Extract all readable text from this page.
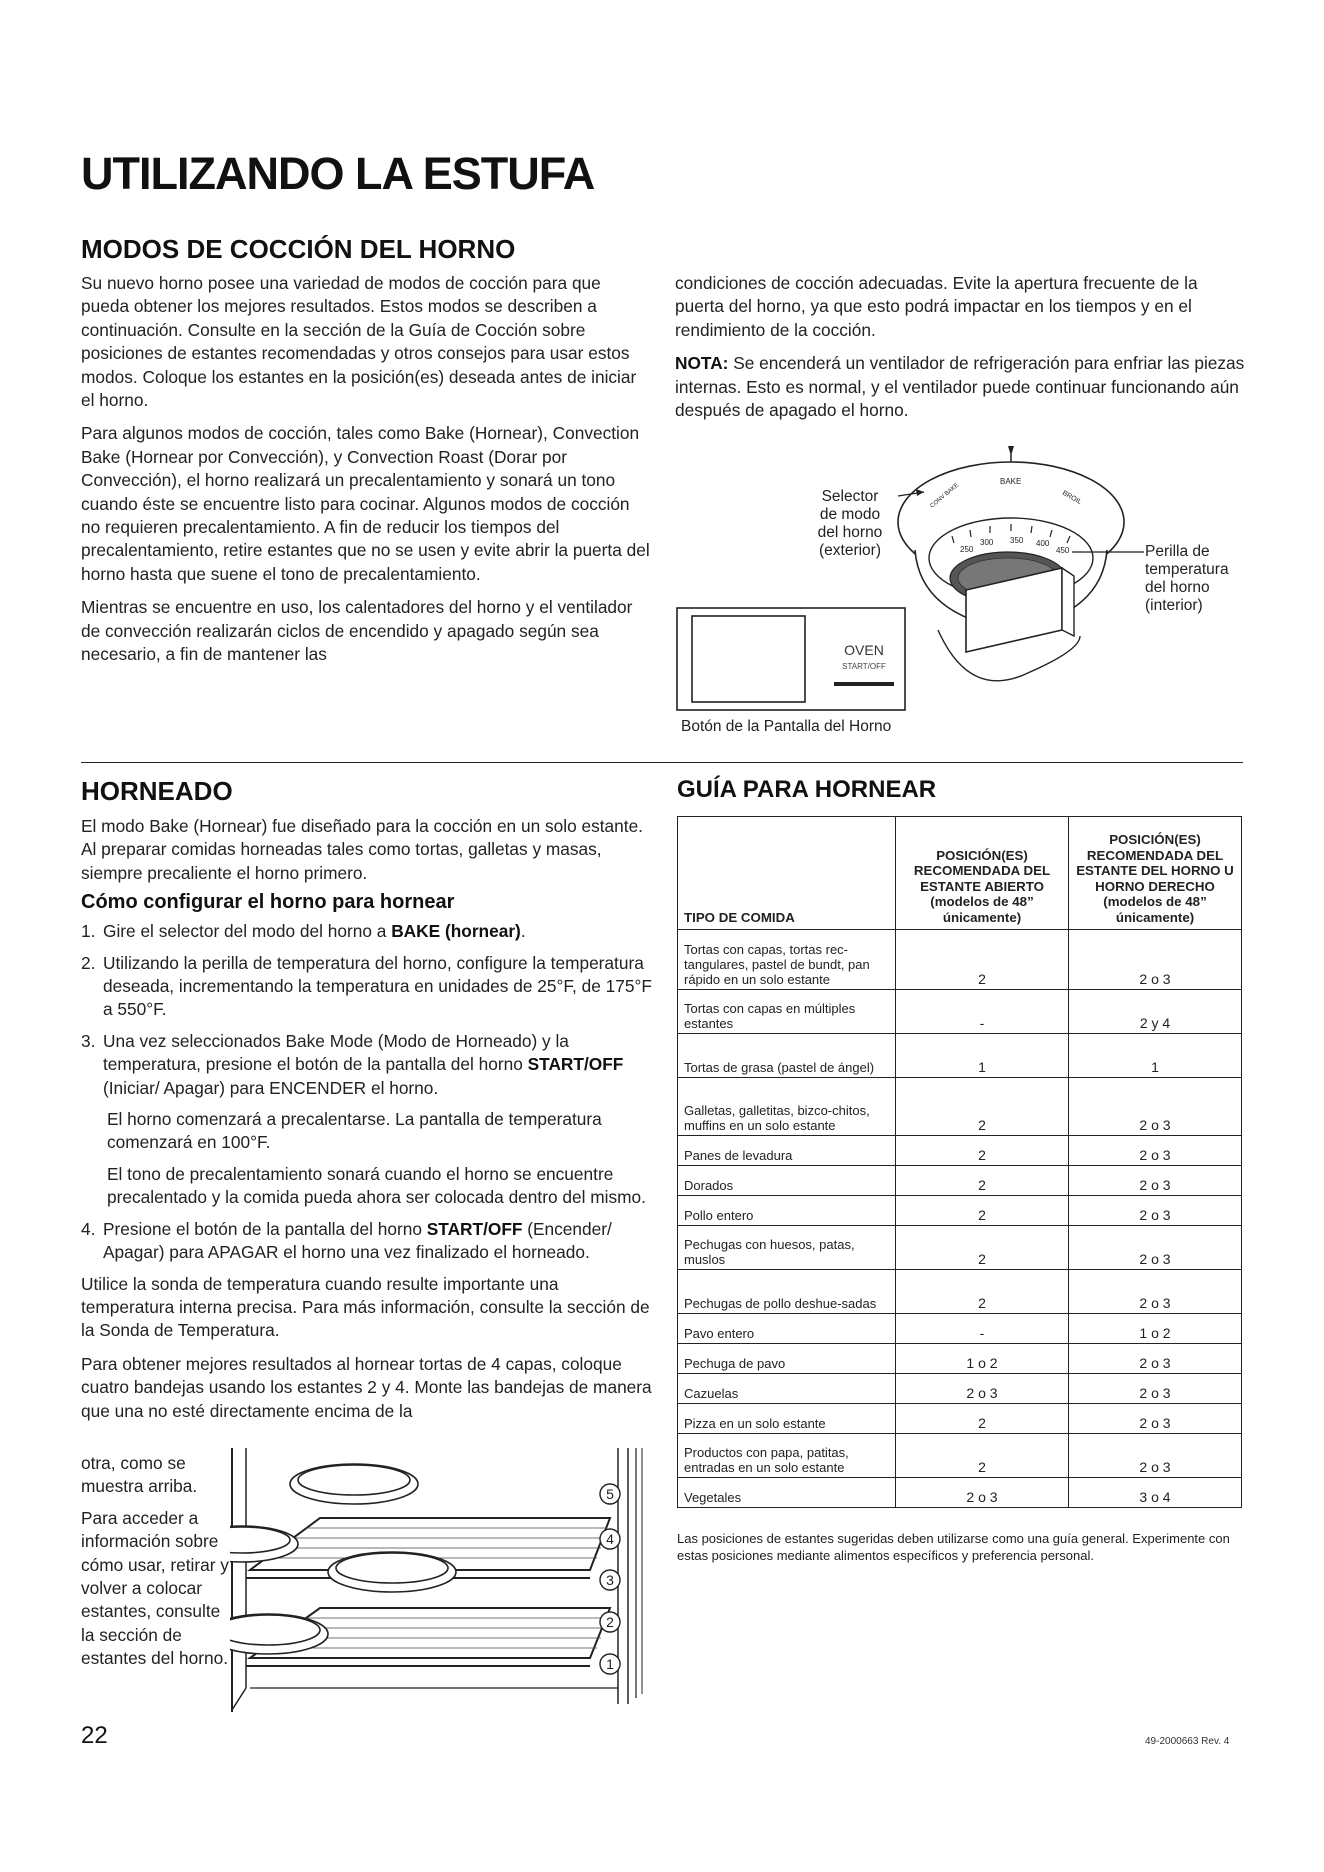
UTILIZANDO LA ESTUFA
MODOS DE COCCIÓN DEL HORNO

Su nuevo horno posee una variedad de modos de cocción para que pueda obtener los mejores resultados. Estos modos se describen a continuación. Consulte en la sección de la Guía de Cocción sobre posiciones de estantes recomendadas y otros consejos para usar estos modos. Coloque los estantes en la posición(es) deseada antes de iniciar el horno.

Para algunos modos de cocción, tales como Bake (Hornear), Convection Bake (Hornear por Convección), y Convection Roast (Dorar por Convección), el horno realizará un precalentamiento y sonará un tono cuando éste se encuentre listo para cocinar. Algunos modos de cocción no requieren precalentamiento. A fin de reducir los tiempos del precalentamiento, retire estantes que no se usen y evite abrir la puerta del horno hasta que suene el tono de precalentamiento.

Mientras se encuentre en uso, los calentadores del horno y el ventilador de convección realizarán ciclos de encendido y apagado según sea necesario, a fin de mantener las

condiciones de cocción adecuadas. Evite la apertura frecuente de la puerta del horno, ya que esto podrá impactar en los tiempos y en el rendimiento de la cocción.

NOTA: Se encenderá un ventilador de refrigeración para enfriar las piezas internas. Esto es normal, y el ventilador puede continuar funcionando aún después de apagado el horno.

Selector
de modo
del horno
(exterior)	Perilla de
temperatura
del horno
(interior)
250
300 350 400
450
BAKE
BROIL
CONV BAKE
OVEN
START/OFF
Botón de la Pantalla del Horno
HORNEADO

El modo Bake (Hornear) fue diseñado para la cocción en un solo estante. Al preparar comidas horneadas tales como tortas, galletas y masas, siempre precaliente el horno primero.

Cómo configurar el horno para hornear
1. Gire el selector del modo del horno a BAKE (hornear).
2. Utilizando la perilla de temperatura del horno, configure la temperatura deseada, incrementando la temperatura en unidades de 25°F, de 175°F a 550°F.
3. Una vez seleccionados Bake Mode (Modo de Horneado) y la temperatura, presione el botón de la pantalla del horno START/OFF (Iniciar/ Apagar) para ENCENDER el horno.

El horno comenzará a precalentarse. La pantalla de temperatura comenzará en 100°F.

El tono de precalentamiento sonará cuando el horno se encuentre precalentado y la comida pueda ahora ser colocada dentro del mismo.

4. Presione el botón de la pantalla del horno START/OFF (Encender/ Apagar) para APAGAR el horno una vez finalizado el horneado.

Utilice la sonda de temperatura cuando resulte importante una temperatura interna precisa. Para más información, consulte la sección de la Sonda de Temperatura.

Para obtener mejores resultados al hornear tortas de 4 capas, coloque cuatro bandejas usando los estantes 2 y 4. Monte las bandejas de manera que una no esté directamente encima de la

otra, como se muestra arriba.

Para acceder a información sobre cómo usar, retirar y volver a colocar estantes, consulte la sección de estantes del horno.

5
4
3
2
1
GUÍA PARA HORNEAR
TIPO DE COMIDA	POSICIÓN(ES) RECOMENDADA DEL ESTANTE ABIERTO (modelos de 48” únicamente)	POSICIÓN(ES) RECOMENDADA DEL ESTANTE DEL HORNO U HORNO DERECHO (modelos de 48” únicamente)
Tortas con capas, tortas rec-tangulares, pastel de bundt, pan rápido en un solo estante	2	2 o 3
Tortas con capas en múltiples estantes	-	2 y 4
Tortas de grasa (pastel de ángel)	1	1
Galletas, galletitas, bizco-chitos, muffins en un solo estante	2	2 o 3
Panes de levadura	2	2 o 3
Dorados	2	2 o 3
Pollo entero	2	2 o 3
Pechugas con huesos, patas, muslos	2	2 o 3
Pechugas de pollo deshue-sadas	2	2 o 3
Pavo entero	-	1 o 2
Pechuga de pavo	1 o 2	2 o 3
Cazuelas	2 o 3	2 o 3
Pizza en un solo estante	2	2 o 3
Productos con papa, patitas, entradas en un solo estante	2	2 o 3
Vegetales	2 o 3	3 o 4
Las posiciones de estantes sugeridas deben utilizarse como una guía general. Experimente con estas posiciones mediante alimentos específicos y preferencia personal.
22	49-2000663 Rev. 4
